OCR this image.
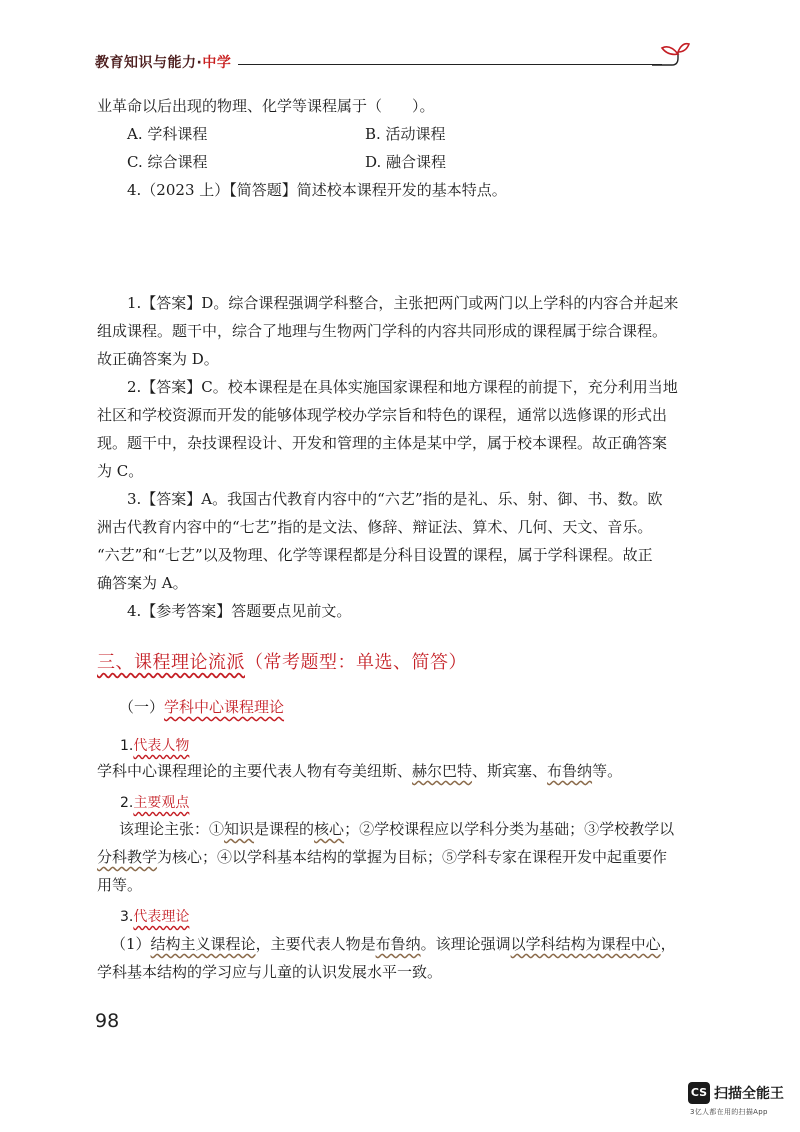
教育知识与能力·中学
业革命以后出现的物理、化学等课程属于（　　）。
A. 学科课程	B. 活动课程
C. 综合课程	D. 融合课程
4.（2023 上）【简答题】简述校本课程开发的基本特点。
1.【答案】D。综合课程强调学科整合，主张把两门或两门以上学科的内容合并起来
组成课程。题干中，综合了地理与生物两门学科的内容共同形成的课程属于综合课程。
故正确答案为 D。
2.【答案】C。校本课程是在具体实施国家课程和地方课程的前提下，充分利用当地
社区和学校资源而开发的能够体现学校办学宗旨和特色的课程，通常以选修课的形式出
现。题干中，杂技课程设计、开发和管理的主体是某中学，属于校本课程。故正确答案
为 C。
3.【答案】A。我国古代教育内容中的“六艺”指的是礼、乐、射、御、书、数。欧
洲古代教育内容中的“七艺”指的是文法、修辞、辩证法、算术、几何、天文、音乐。
“六艺”和“七艺”以及物理、化学等课程都是分科目设置的课程，属于学科课程。故正
确答案为 A。
4.【参考答案】答题要点见前文。
三、课程理论流派（常考题型：单选、简答）
（一）学科中心课程理论
1.代表人物
学科中心课程理论的主要代表人物有夸美纽斯、赫尔巴特、斯宾塞、布鲁纳等。
2.主要观点
该理论主张：①知识是课程的核心；②学校课程应以学科分类为基础；③学校教学以
分科教学为核心；④以学科基本结构的掌握为目标；⑤学科专家在课程开发中起重要作
用等。
3.代表理论
（1）结构主义课程论，主要代表人物是布鲁纳。该理论强调以学科结构为课程中心，
学科基本结构的学习应与儿童的认识发展水平一致。
98
CS 扫描全能王
3亿人都在用的扫描App
